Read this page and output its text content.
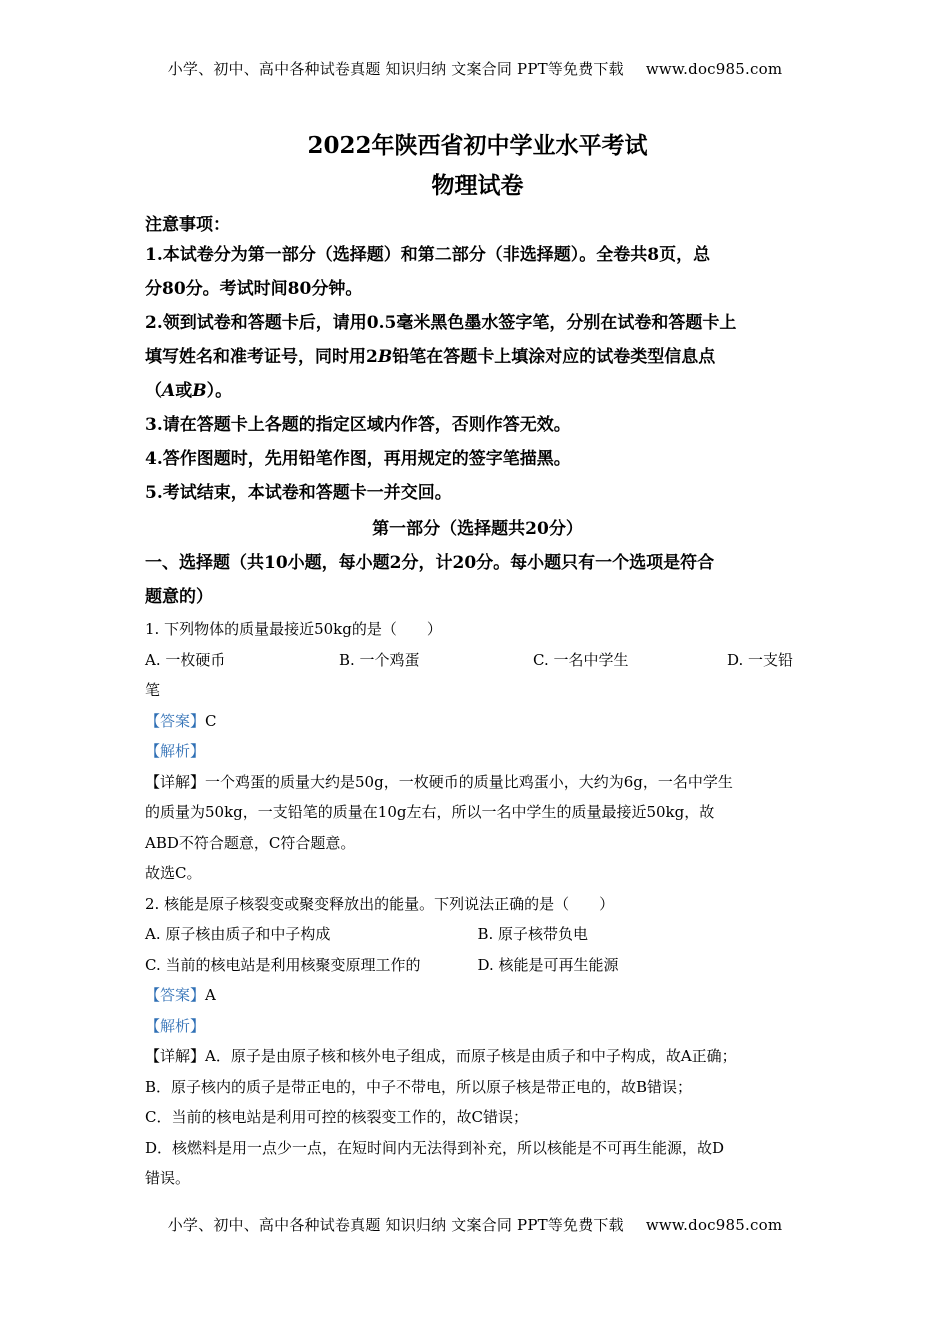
小学、初中、高中各种试卷真题 知识归纳 文案合同 PPT等免费下载 www.doc985.com
2022年陕西省初中学业水平考试
物理试卷
注意事项：
1.本试卷分为第一部分（选择题）和第二部分（非选择题）。全卷共8页，总
分80分。考试时间80分钟。
2.领到试卷和答题卡后，请用0.5毫米黑色墨水签字笔，分别在试卷和答题卡上
填写姓名和准考证号，同时用2B铅笔在答题卡上填涂对应的试卷类型信息点
（A或B）。
3.请在答题卡上各题的指定区域内作答，否则作答无效。
4.答作图题时，先用铅笔作图，再用规定的签字笔描黑。
5.考试结束，本试卷和答题卡一并交回。
第一部分（选择题共20分）
一、选择题（共10小题，每小题2分，计20分。每小题只有一个选项是符合
题意的）
1. 下列物体的质量最接近50kg的是（　　）
A. 一枚硬币	B. 一个鸡蛋	C. 一名中学生	D. 一支铅
笔
【答案】C
【解析】
【详解】一个鸡蛋的质量大约是50g，一枚硬币的质量比鸡蛋小，大约为6g，一名中学生
的质量为50kg，一支铅笔的质量在10g左右，所以一名中学生的质量最接近50kg，故
ABD不符合题意，C符合题意。
故选C。
2. 核能是原子核裂变或聚变释放出的能量。下列说法正确的是（　　）
A. 原子核由质子和中子构成	B. 原子核带负电
C. 当前的核电站是利用核聚变原理工作的	D. 核能是可再生能源
【答案】A
【解析】
【详解】A．原子是由原子核和核外电子组成，而原子核是由质子和中子构成，故A正确；
B．原子核内的质子是带正电的，中子不带电，所以原子核是带正电的，故B错误；
C．当前的核电站是利用可控的核裂变工作的，故C错误；
D．核燃料是用一点少一点，在短时间内无法得到补充，所以核能是不可再生能源，故D
错误。
小学、初中、高中各种试卷真题 知识归纳 文案合同 PPT等免费下载 www.doc985.com
